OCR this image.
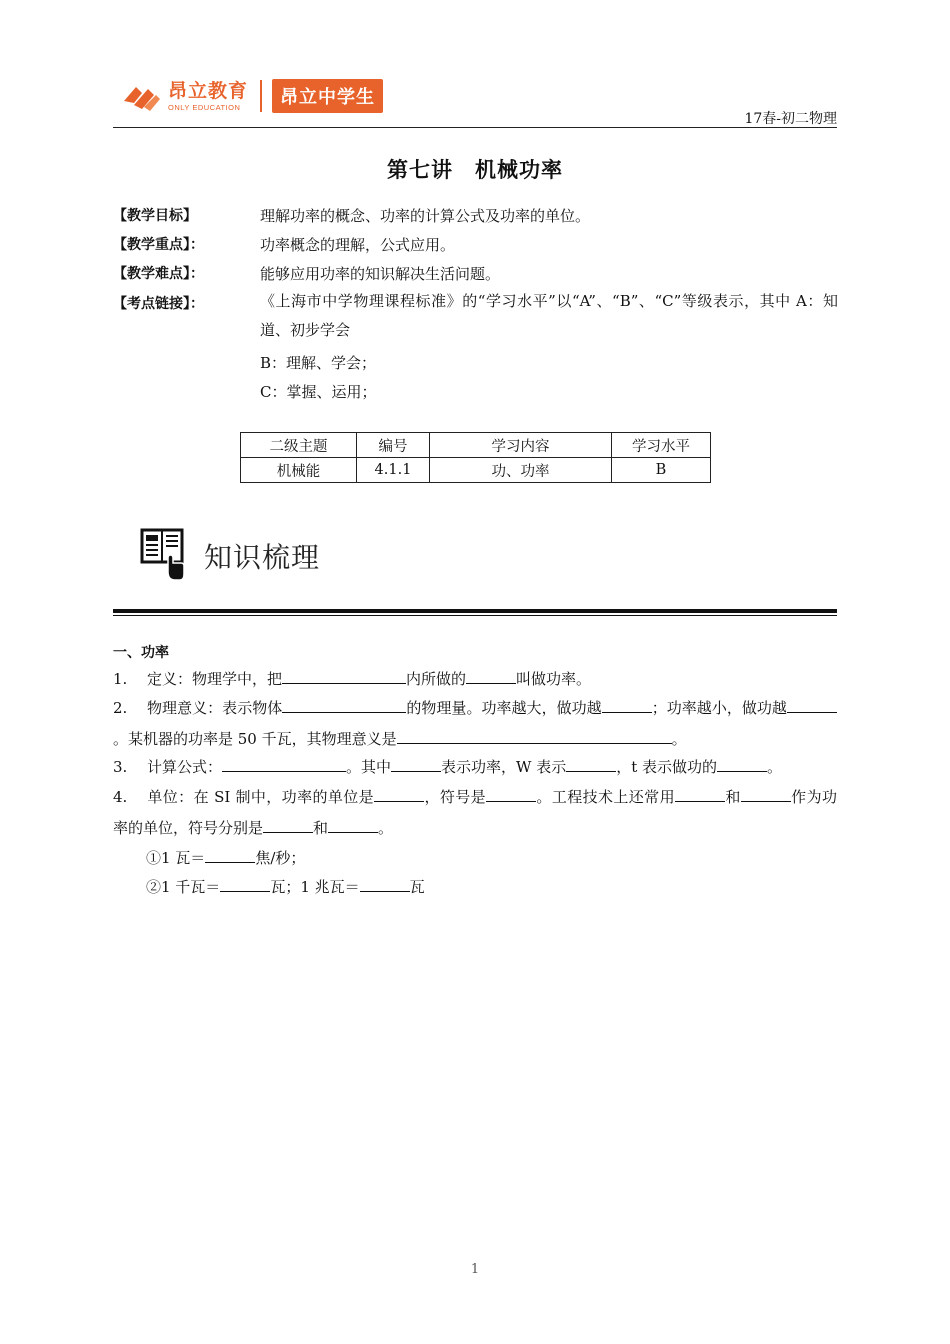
昂立教育
ONLY EDUCATION	昂立中学生
17春-初二物理
第七讲　机械功率
【教学目标】	理解功率的概念、功率的计算公式及功率的单位。
【教学重点】：	功率概念的理解，公式应用。
【教学难点】：	能够应用功率的知识解决生活问题。
【考点链接】：	《上海市中学物理课程标准》的“学习水平”以“A”、“B”、“C”等级表示，其中 A：知道、初步学会
B：理解、学会；
C：掌握、运用；
二级主题	编号	学习内容	学习水平
机械能	4.1.1	功、功率	B
知识梳理
一、功率
1. 定义：物理学中，把	内所做的	叫做功率。
2. 物理意义：表示物体	的物理量。功率越大，做功越	；功率越小，做功越。某机器的功率是 50 千瓦，其物理意义是	。
3. 计算公式：	。其中	表示功率，W 表示	，t 表示做功的	。
4. 单位：在 SI 制中，功率的单位是	，符号是	。工程技术上还常用	和	作为功率的单位，符号分别是	和	。
①1 瓦＝	焦/秒；
②1 千瓦＝	瓦；1 兆瓦＝	瓦
1
